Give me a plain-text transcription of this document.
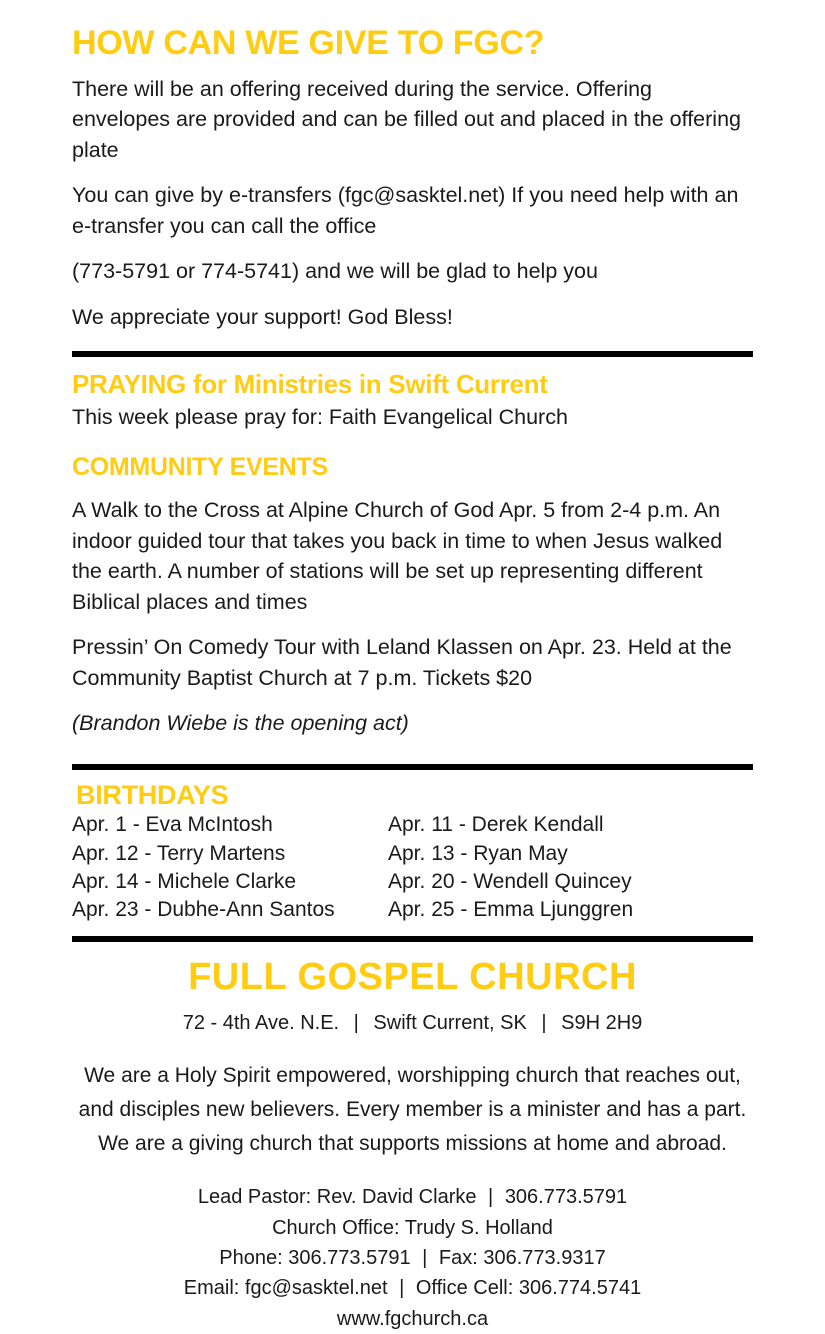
HOW CAN WE GIVE TO FGC?

There will be an offering received during the service. Offering envelopes are provided and can be filled out and placed in the offering plate

You can give by e-transfers (fgc@sasktel.net) If you need help with an e-transfer you can call the office

(773-5791 or 774-5741) and we will be glad to help you

We appreciate your support! God Bless!

PRAYING for Ministries in Swift Current

This week please pray for: Faith Evangelical Church

COMMUNITY EVENTS

A Walk to the Cross at Alpine Church of God Apr. 5 from 2-4 p.m. An indoor guided tour that takes you back in time to when Jesus walked the earth. A number of stations will be set up representing different Biblical places and times

Pressin’ On Comedy Tour with Leland Klassen on Apr. 23. Held at the Community Baptist Church at 7 p.m. Tickets $20

(Brandon Wiebe is the opening act)

BIRTHDAYS
Apr. 1 - Eva McIntosh	Apr. 11 - Derek Kendall
Apr. 12 - Terry Martens	Apr. 13 - Ryan May
Apr. 14 - Michele Clarke	Apr. 20 - Wendell Quincey
Apr. 23 - Dubhe-Ann Santos	Apr. 25 - Emma Ljunggren
FULL GOSPEL CHURCH
72 - 4th Ave. N.E. | Swift Current, SK | S9H 2H9
We are a Holy Spirit empowered, worshipping church that reaches out,
and disciples new believers. Every member is a minister and has a part.
We are a giving church that supports missions at home and abroad.
Lead Pastor: Rev. David Clarke | 306.773.5791
Church Office: Trudy S. Holland
Phone: 306.773.5791 | Fax: 306.773.9317
Email: fgc@sasktel.net | Office Cell: 306.774.5741
www.fgchurch.ca
